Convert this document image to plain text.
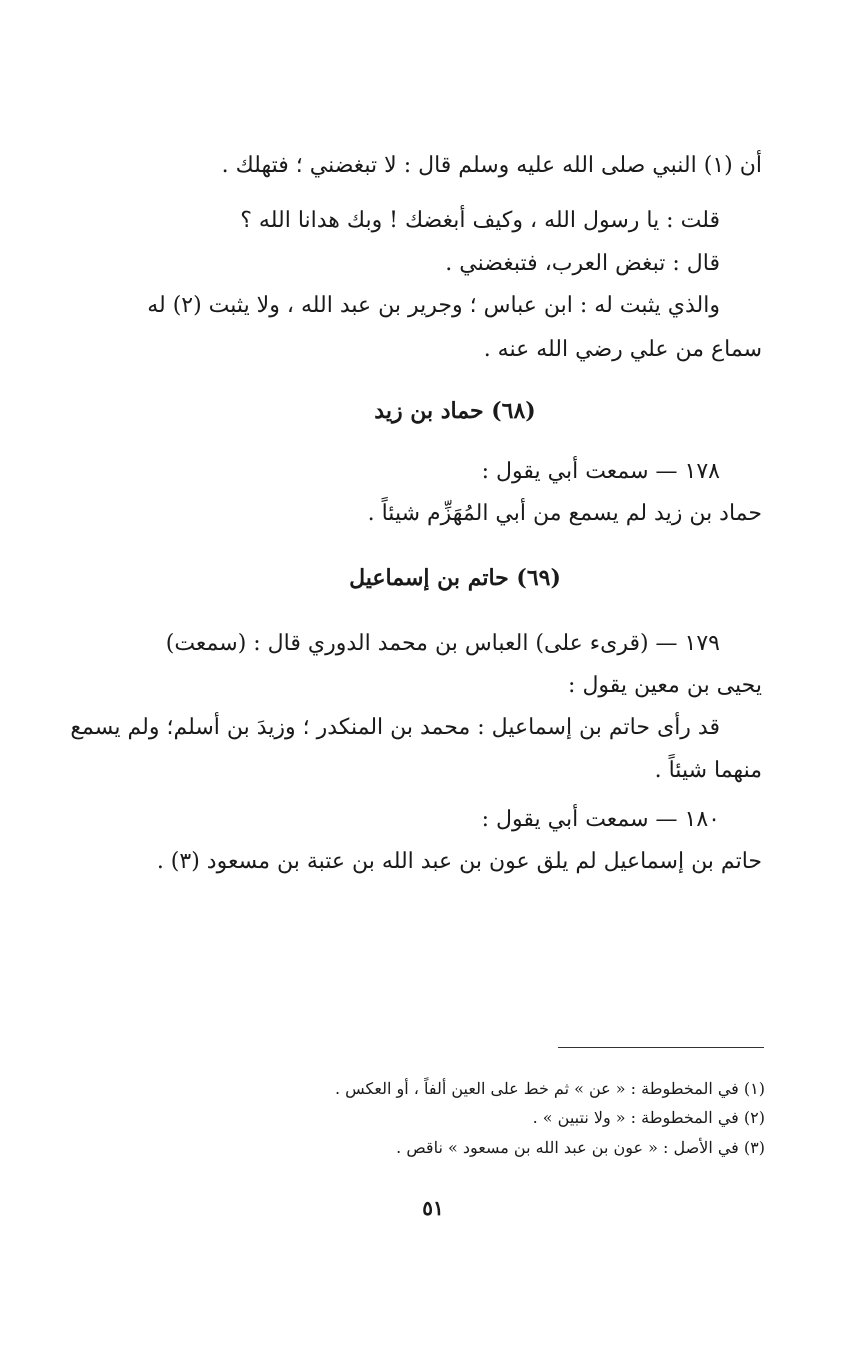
أن (١) النبي صلى الله عليه وسلم قال : لا تبغضني ؛ فتهلك .
قلت : يا رسول الله ، وكيف أبغضك ! وبك هدانا الله ؟
قال : تبغض العرب، فتبغضني .
والذي يثبت له : ابن عباس ؛ وجرير بن عبد الله ، ولا يثبت (٢) له
سماع من علي رضي الله عنه .
(٦٨) حماد بن زيد
١٧٨ — سمعت أبي يقول :
حماد بن زيد لم يسمع من أبي المُهَزِّم شيئاً .
(٦٩) حاتم بن إسماعيل
١٧٩ — (قرىء على) العباس بن محمد الدوري قال : (سمعت)
يحيى بن معين يقول :
قد رأى حاتم بن إسماعيل : محمد بن المنكدر ؛ وزيدَ بن أسلم؛ ولم يسمع
منهما شيئاً .
١٨٠ — سمعت أبي يقول :
حاتم بن إسماعيل لم يلق عون بن عبد الله بن عتبة بن مسعود (٣) .
(١) في المخطوطة : « عن » ثم خط على العين ألفاً ، أو العكس .
(٢) في المخطوطة : « ولا نتبين » .
(٣) في الأصل : « عون بن عبد الله بن مسعود » ناقص .
٥١
